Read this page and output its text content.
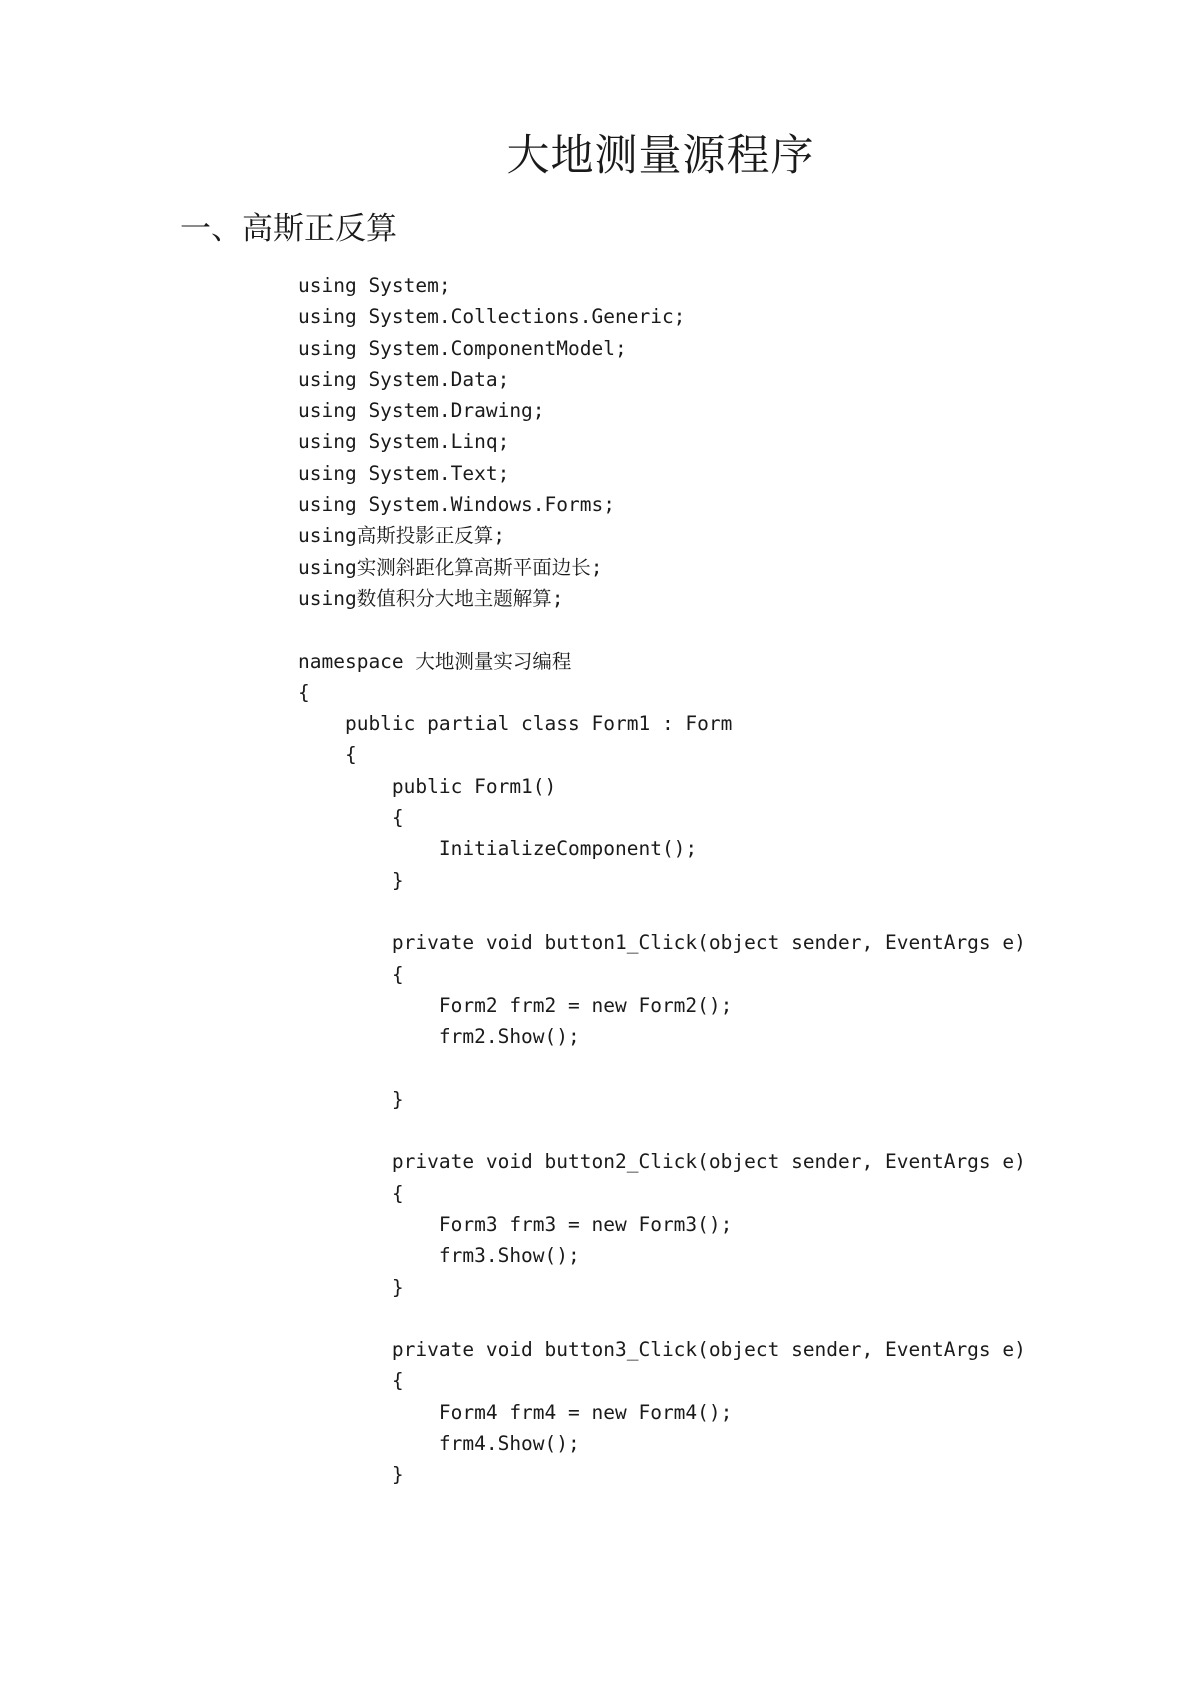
大地测量源程序
一、高斯正反算
using System;
using System.Collections.Generic;
using System.ComponentModel;
using System.Data;
using System.Drawing;
using System.Linq;
using System.Text;
using System.Windows.Forms;
using高斯投影正反算;
using实测斜距化算高斯平面边长;
using数值积分大地主题解算;
namespace 大地测量实习编程
{
public partial class Form1 : Form
{
public Form1()
{
InitializeComponent();
}
private void button1_Click(object sender, EventArgs e)
{
Form2 frm2 = new Form2();
frm2.Show();
}
private void button2_Click(object sender, EventArgs e)
{
Form3 frm3 = new Form3();
frm3.Show();
}
private void button3_Click(object sender, EventArgs e)
{
Form4 frm4 = new Form4();
frm4.Show();
}
